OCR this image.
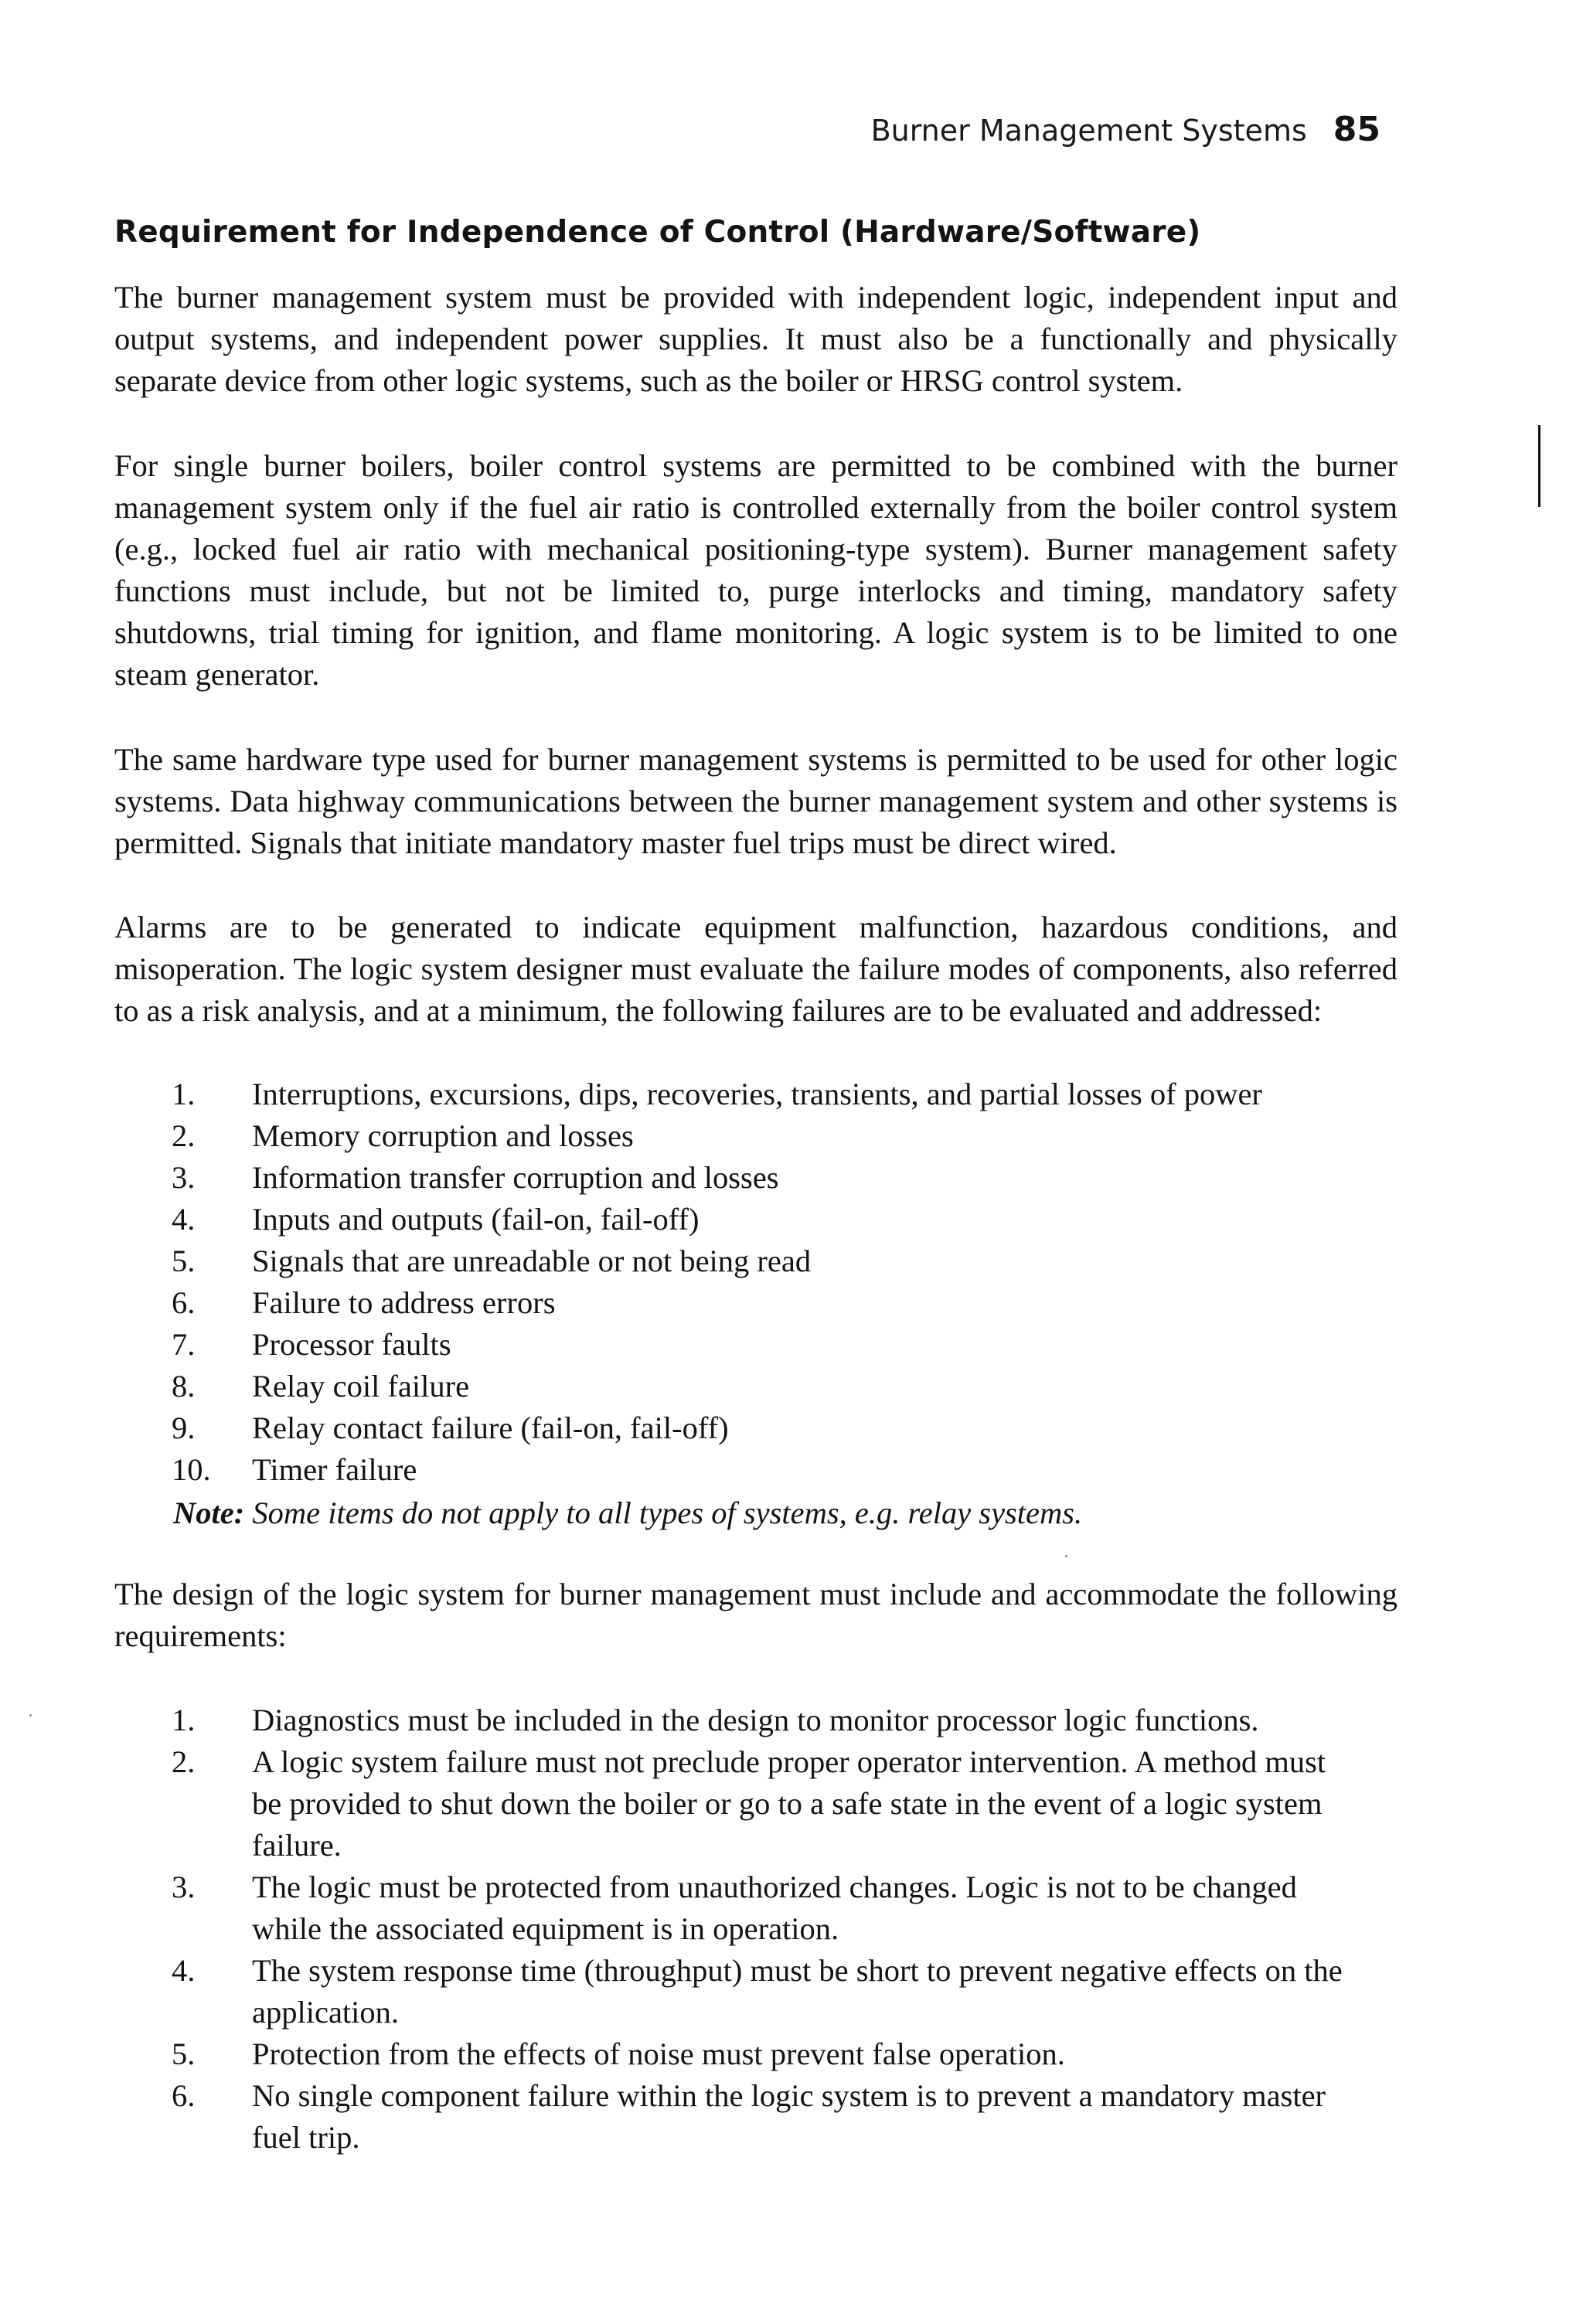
Burner Management Systems 85
Requirement for Independence of Control (Hardware/Software)

The burner management system must be provided with independent logic, independent input and output systems, and independent power supplies. It must also be a functionally and physically separate device from other logic systems, such as the boiler or HRSG control system.

For single burner boilers, boiler control systems are permitted to be combined with the burner management system only if the fuel air ratio is controlled externally from the boiler control system (e.g., locked fuel air ratio with mechanical positioning-type system). Burner management safety functions must include, but not be limited to, purge interlocks and timing, mandatory safety shutdowns, trial timing for ignition, and flame monitoring. A logic system is to be limited to one steam generator.

The same hardware type used for burner management systems is permitted to be used for other logic systems. Data highway communications between the burner management system and other systems is permitted. Signals that initiate mandatory master fuel trips must be direct wired.

Alarms are to be generated to indicate equipment malfunction, hazardous conditions, and misoperation. The logic system designer must evaluate the failure modes of components, also referred to as a risk analysis, and at a minimum, the following failures are to be evaluated and addressed:

1. Interruptions, excursions, dips, recoveries, transients, and partial losses of power
2. Memory corruption and losses
3. Information transfer corruption and losses
4. Inputs and outputs (fail-on, fail-off)
5. Signals that are unreadable or not being read
6. Failure to address errors
7. Processor faults
8. Relay coil failure
9. Relay contact failure (fail-on, fail-off)
10. Timer failure

Note: Some items do not apply to all types of systems, e.g. relay systems.

The design of the logic system for burner management must include and accommodate the following requirements:

1. Diagnostics must be included in the design to monitor processor logic functions.
2. A logic system failure must not preclude proper operator intervention. A method must be provided to shut down the boiler or go to a safe state in the event of a logic system failure.
3. The logic must be protected from unauthorized changes. Logic is not to be changed while the associated equipment is in operation.
4. The system response time (throughput) must be short to prevent negative effects on the application.
5. Protection from the effects of noise must prevent false operation.
6. No single component failure within the logic system is to prevent a mandatory master fuel trip.
